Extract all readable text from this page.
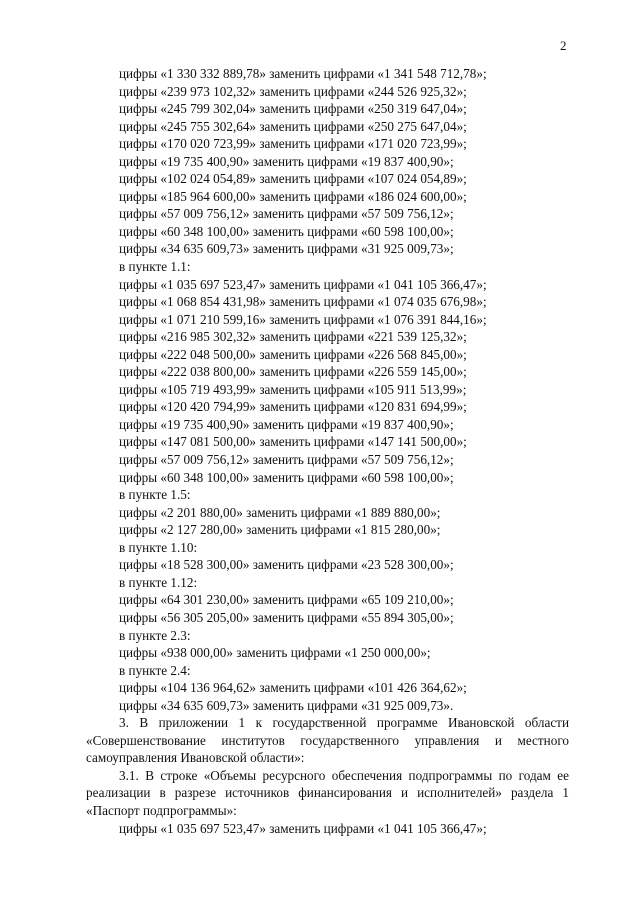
2
цифры «1 330 332 889,78» заменить цифрами «1 341 548 712,78»;
цифры «239 973 102,32» заменить цифрами «244 526 925,32»;
цифры «245 799 302,04» заменить цифрами «250 319 647,04»;
цифры «245 755 302,64» заменить цифрами «250 275 647,04»;
цифры «170 020 723,99» заменить цифрами «171 020 723,99»;
цифры «19 735 400,90» заменить цифрами «19 837 400,90»;
цифры «102 024 054,89» заменить цифрами «107 024 054,89»;
цифры «185 964 600,00» заменить цифрами «186 024 600,00»;
цифры «57 009 756,12» заменить цифрами «57 509 756,12»;
цифры «60 348 100,00» заменить цифрами «60 598 100,00»;
цифры «34 635 609,73» заменить цифрами «31 925 009,73»;
в пункте 1.1:
цифры «1 035 697 523,47» заменить цифрами «1 041 105 366,47»;
цифры «1 068 854 431,98» заменить цифрами «1 074 035 676,98»;
цифры «1 071 210 599,16» заменить цифрами «1 076 391 844,16»;
цифры «216 985 302,32» заменить цифрами «221 539 125,32»;
цифры «222 048 500,00» заменить цифрами «226 568 845,00»;
цифры «222 038 800,00» заменить цифрами «226 559 145,00»;
цифры «105 719 493,99» заменить цифрами «105 911 513,99»;
цифры «120 420 794,99» заменить цифрами «120 831 694,99»;
цифры «19 735 400,90» заменить цифрами «19 837 400,90»;
цифры «147 081 500,00» заменить цифрами «147 141 500,00»;
цифры «57 009 756,12» заменить цифрами «57 509 756,12»;
цифры «60 348 100,00» заменить цифрами «60 598 100,00»;
в пункте 1.5:
цифры «2 201 880,00» заменить цифрами «1 889 880,00»;
цифры «2 127 280,00» заменить цифрами «1 815 280,00»;
в пункте 1.10:
цифры «18 528 300,00» заменить цифрами «23 528 300,00»;
в пункте 1.12:
цифры «64 301 230,00» заменить цифрами «65 109 210,00»;
цифры «56 305 205,00» заменить цифрами «55 894 305,00»;
в пункте 2.3:
цифры «938 000,00» заменить цифрами «1 250 000,00»;
в пункте 2.4:
цифры «104 136 964,62» заменить цифрами «101 426 364,62»;
цифры «34 635 609,73» заменить цифрами «31 925 009,73».
3. В приложении 1 к государственной программе Ивановской области «Совершенствование институтов государственного управления и местного самоуправления Ивановской области»:
3.1. В строке «Объемы ресурсного обеспечения подпрограммы по годам ее реализации в разрезе источников финансирования и исполнителей» раздела 1 «Паспорт подпрограммы»:
цифры «1 035 697 523,47» заменить цифрами «1 041 105 366,47»;
